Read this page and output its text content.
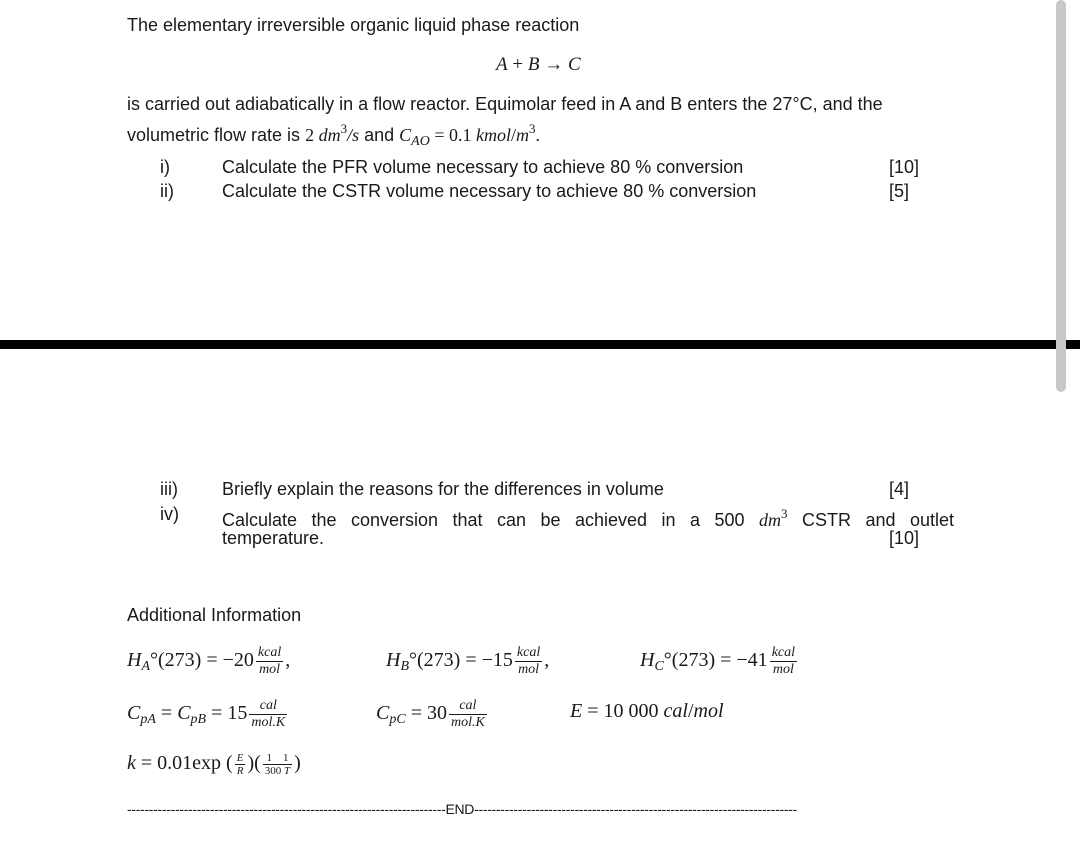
The elementary irreversible organic liquid phase reaction
A + B → C
is carried out adiabatically in a flow reactor. Equimolar feed in A and B enters the 27°C, and the
volumetric flow rate is 2 $dm^3/s$ and $C_{AO} = 0.1$ kmol/$m^3$.
i)	Calculate the PFR volume necessary to achieve 80 % conversion	[10]
ii)	Calculate the CSTR volume necessary to achieve 80 % conversion	[5]
iii) Briefly explain the reasons for the differences in volume	[4]
iv) Calculate the conversion that can be achieved in a 500 $dm^3$ CSTR and outlet
temperature.	[10]
Additional Information
$H_A^\circ(273) = -20 \frac{\text{kcal}}{\text{mol}}$ ,	$H_B^\circ(273) = -15 \frac{\text{kcal}}{\text{mol}}$ ,	$H_C^\circ(273) = -41 \frac{\text{kcal}}{\text{mol}}$
$C_{pA} = C_{pB} = 15 \frac{\text{cal}}{\text{mol.K}}$	$C_{pC} = 30 \frac{\text{cal}}{\text{mol.K}}$	E = 10 000 cal/mol
k = 0.01exp ( $\frac{E}{R}$ )( $\frac{1 1}{300 T}$ )
-------------------------------------------------------------------------END--------------------------------------------------------------------------
